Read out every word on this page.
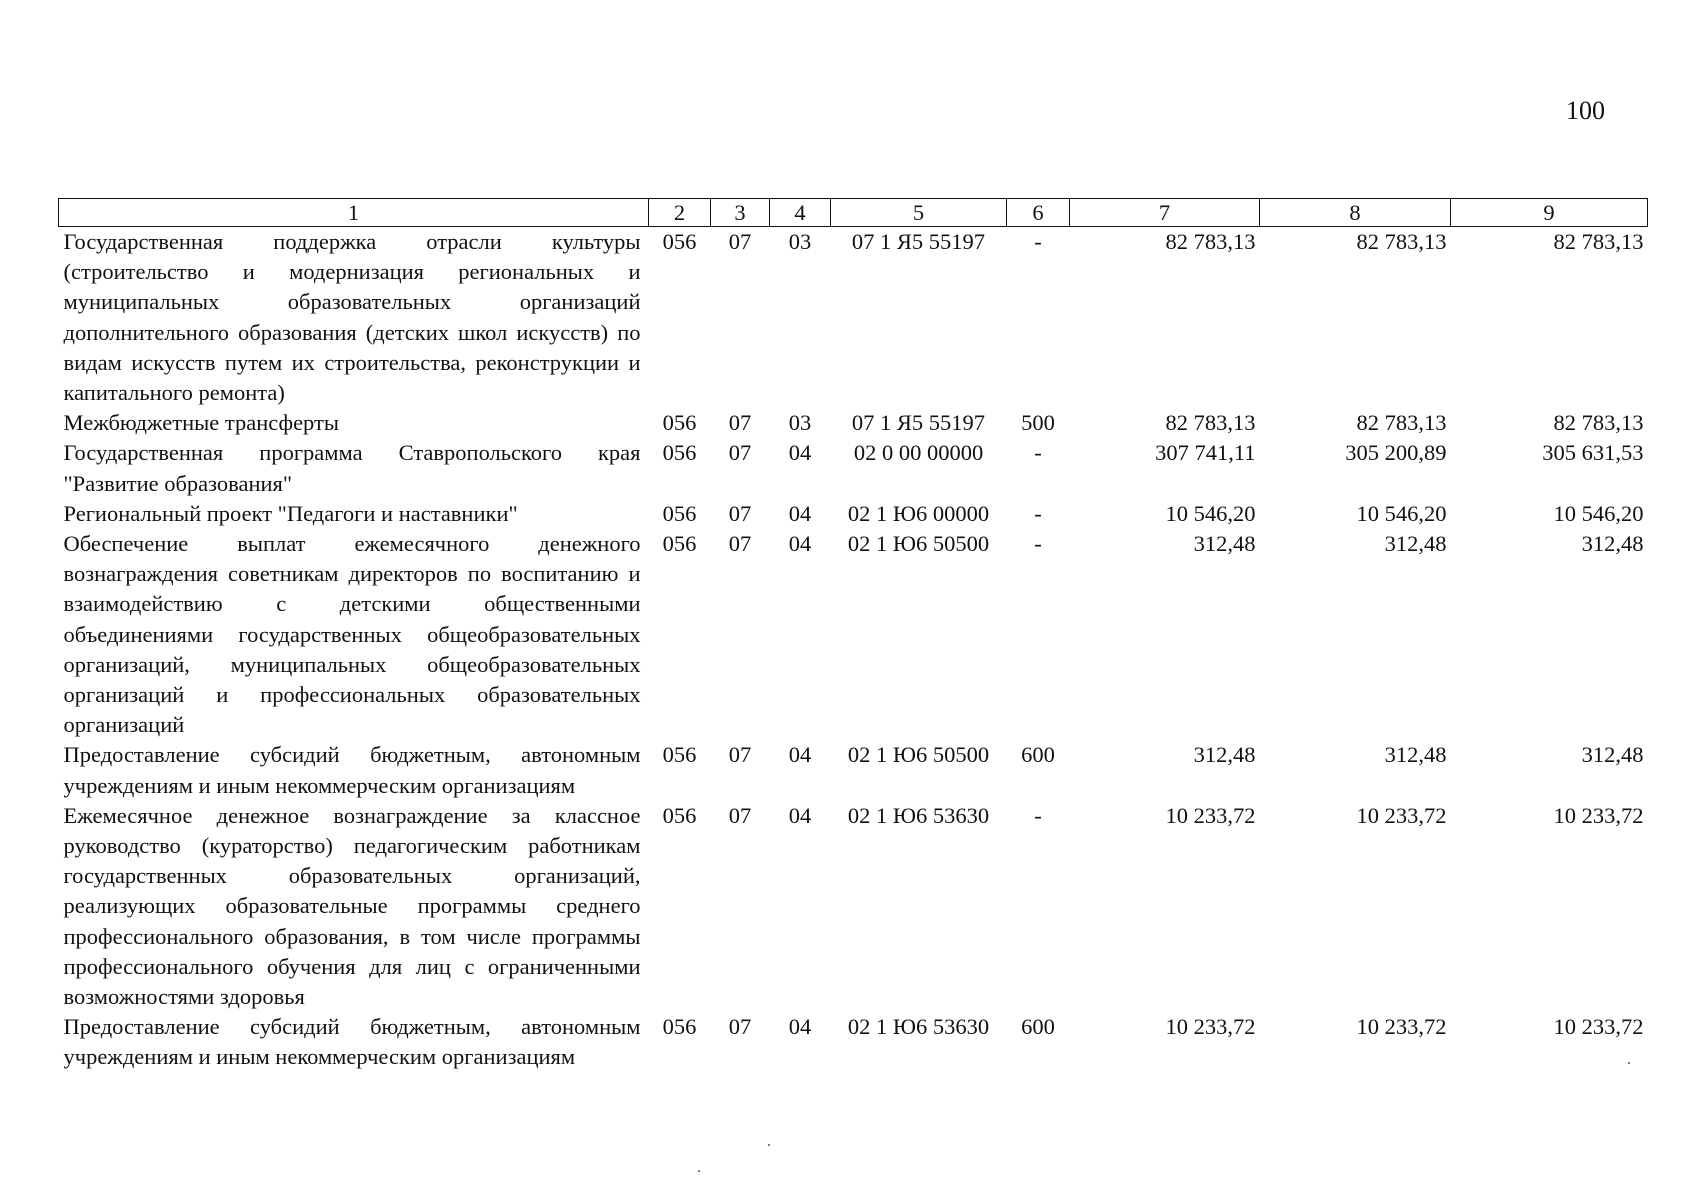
100
1	2	3	4	5	6	7	8	9
Государственная поддержка отрасли культуры (строительство и модернизация региональных и муниципальных образовательных организаций дополнительного образования (детских школ искусств) по видам искусств путем их строительства, реконструкции и капитального ремонта)	056	07	03	07 1 Я5 55197	-	82 783,13	82 783,13	82 783,13
Межбюджетные трансферты	056	07	03	07 1 Я5 55197	500	82 783,13	82 783,13	82 783,13
Государственная программа Ставропольского края "Развитие образования"	056	07	04	02 0 00 00000	-	307 741,11	305 200,89	305 631,53
Региональный проект "Педагоги и наставники"	056	07	04	02 1 Ю6 00000	-	10 546,20	10 546,20	10 546,20
Обеспечение выплат ежемесячного денежного вознаграждения советникам директоров по воспитанию и взаимодействию с детскими общественными объединениями государственных общеобразовательных организаций, муниципальных общеобразовательных организаций и профессиональных образовательных организаций	056	07	04	02 1 Ю6 50500	-	312,48	312,48	312,48
Предоставление субсидий бюджетным, автономным учреждениям и иным некоммерческим организациям	056	07	04	02 1 Ю6 50500	600	312,48	312,48	312,48
Ежемесячное денежное вознаграждение за классное руководство (кураторство) педагогическим работникам государственных образовательных организаций, реализующих образовательные программы среднего профессионального образования, в том числе программы профессионального обучения для лиц с ограниченными возможностями здоровья	056	07	04	02 1 Ю6 53630	-	10 233,72	10 233,72	10 233,72
Предоставление субсидий бюджетным, автономным учреждениям и иным некоммерческим организациям	056	07	04	02 1 Ю6 53630	600	10 233,72	10 233,72	10 233,72
